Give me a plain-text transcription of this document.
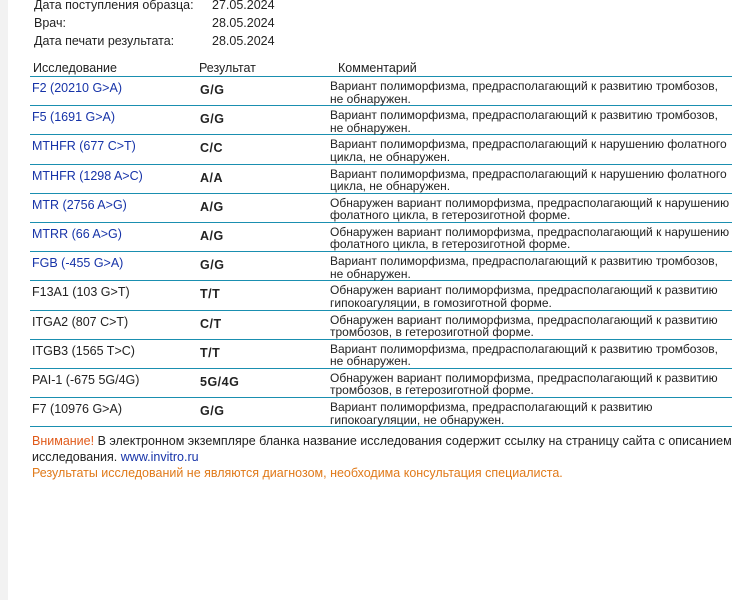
Дата поступления образца: 27.05.2024
Врач:	28.05.2024
Дата печати результата:	28.05.2024
Исследование	Результат	Комментарий
F2 (20210 G>A)	G/G	Вариант полиморфизма, предрасполагающий к развитию тромбозов, не обнаружен.
F5 (1691 G>A)	G/G	Вариант полиморфизма, предрасполагающий к развитию тромбозов, не обнаружен.
MTHFR (677 C>T)	C/C	Вариант полиморфизма, предрасполагающий к нарушению фолатного цикла, не обнаружен.
MTHFR (1298 A>C)	A/A	Вариант полиморфизма, предрасполагающий к нарушению фолатного цикла, не обнаружен.
MTR (2756 A>G)	A/G	Обнаружен вариант полиморфизма, предрасполагающий к нарушению фолатного цикла, в гетерозиготной форме.
MTRR (66 A>G)	A/G	Обнаружен вариант полиморфизма, предрасполагающий к нарушению фолатного цикла, в гетерозиготной форме.
FGB (-455 G>A)	G/G	Вариант полиморфизма, предрасполагающий к развитию тромбозов, не обнаружен.
F13A1 (103 G>T)	T/T	Обнаружен вариант полиморфизма, предрасполагающий к развитию гипокоагуляции, в гомозиготной форме.
ITGA2 (807 C>T)	C/T	Обнаружен вариант полиморфизма, предрасполагающий к развитию тромбозов, в гетерозиготной форме.
ITGB3 (1565 T>C)	T/T	Вариант полиморфизма, предрасполагающий к развитию тромбозов, не обнаружен.
PAI-1 (-675 5G/4G)	5G/4G	Обнаружен вариант полиморфизма, предрасполагающий к развитию тромбозов, в гетерозиготной форме.
F7 (10976 G>A)	G/G	Вариант полиморфизма, предрасполагающий к развитию гипокоагуляции, не обнаружен.
Внимание! В электронном экземпляре бланка название исследования содержит ссылку на страницу сайта с описанием исследования. www.invitro.ru
Результаты исследований не являются диагнозом, необходима консультация специалиста.
